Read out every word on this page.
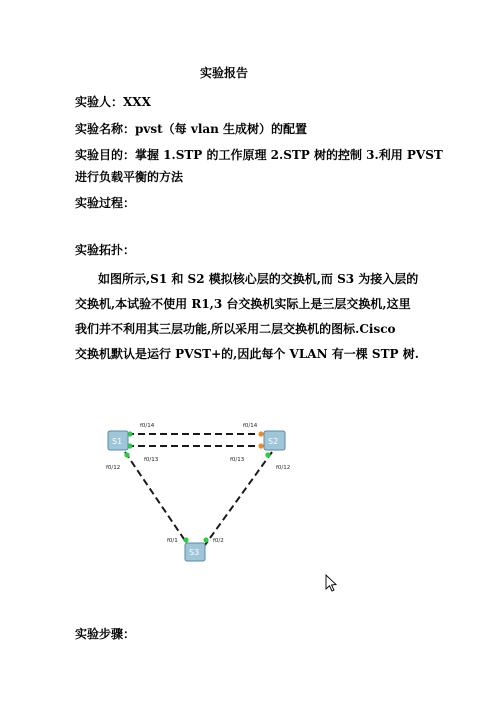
实验报告
实验人：XXX
实验名称：pvst（每 vlan 生成树）的配置
实验目的：掌握 1.STP 的工作原理 2.STP 树的控制 3.利用 PVST
进行负载平衡的方法
实验过程：
实验拓扑：
如图所示,S1 和 S2 模拟核心层的交换机,而 S3 为接入层的
交换机,本试验不使用 R1,3 台交换机实际上是三层交换机,这里
我们并不利用其三层功能,所以采用二层交换机的图标.Cisco
交换机默认是运行 PVST+的,因此每个 VLAN 有一棵 STP 树.
S1	S2
S3
f0/14
f0/13
f0/12
f0/14
f0/13
f0/12
f0/1	f0/2
实验步骤：
